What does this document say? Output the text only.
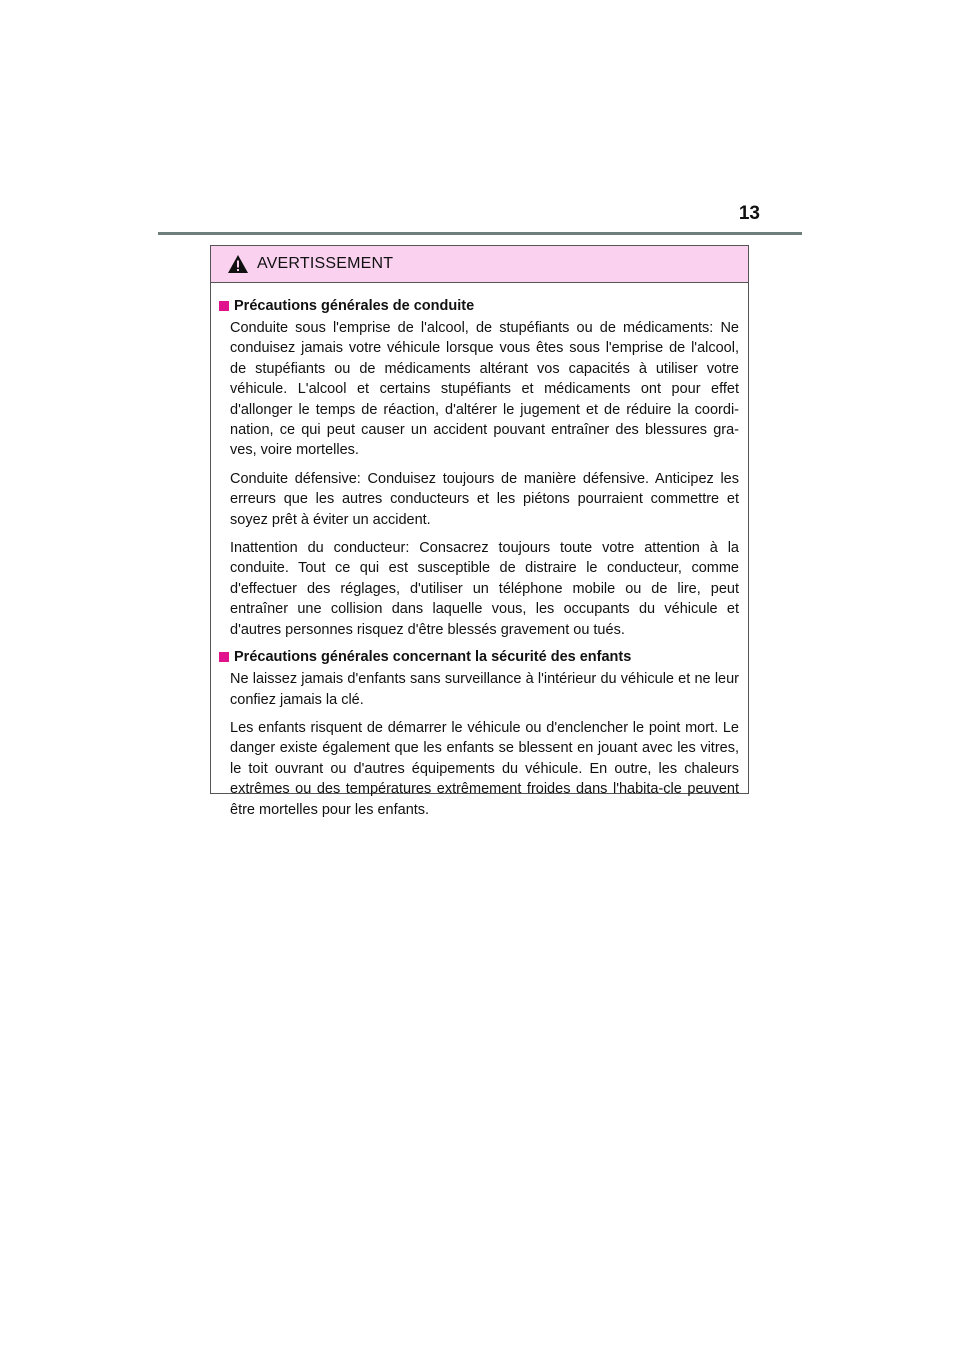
13
AVERTISSEMENT
Précautions générales de conduite

Conduite sous l'emprise de l'alcool, de stupéfiants ou de médicaments: Ne conduisez jamais votre véhicule lorsque vous êtes sous l'emprise de l'alcool, de stupéfiants ou de médicaments altérant vos capacités à utiliser votre véhicule. L'alcool et certains stupéfiants et médicaments ont pour effet d'allonger le temps de réaction, d'altérer le jugement et de réduire la coordi-nation, ce qui peut causer un accident pouvant entraîner des blessures gra-ves, voire mortelles.

Conduite défensive: Conduisez toujours de manière défensive. Anticipez les erreurs que les autres conducteurs et les piétons pourraient commettre et soyez prêt à éviter un accident.

Inattention du conducteur: Consacrez toujours toute votre attention à la conduite. Tout ce qui est susceptible de distraire le conducteur, comme d'effectuer des réglages, d'utiliser un téléphone mobile ou de lire, peut entraîner une collision dans laquelle vous, les occupants du véhicule et d'autres personnes risquez d'être blessés gravement ou tués.

Précautions générales concernant la sécurité des enfants

Ne laissez jamais d'enfants sans surveillance à l'intérieur du véhicule et ne leur confiez jamais la clé.

Les enfants risquent de démarrer le véhicule ou d'enclencher le point mort. Le danger existe également que les enfants se blessent en jouant avec les vitres, le toit ouvrant ou d'autres équipements du véhicule. En outre, les chaleurs extrêmes ou des températures extrêmement froides dans l'habita-cle peuvent être mortelles pour les enfants.
